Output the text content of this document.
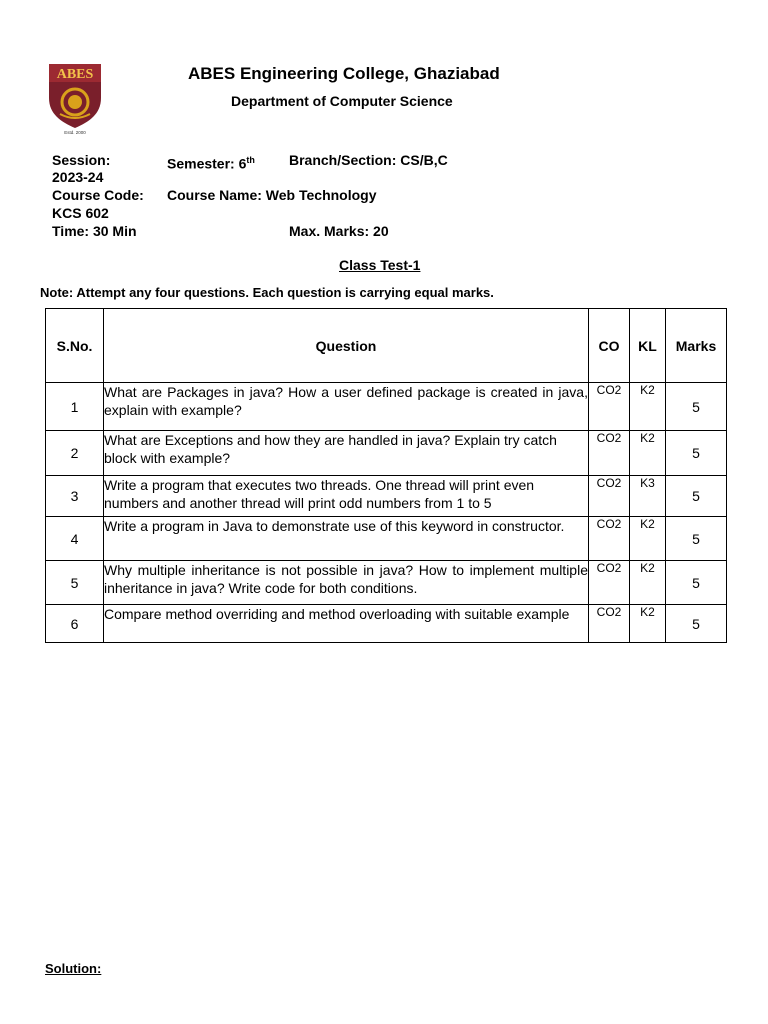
ABES
Estd. 2000
ABES Engineering College, Ghaziabad
Department of Computer Science
Session:
2023-24
Semester: 6th Branch/Section: CS/B,C
Course Code:
KCS 602
Course Name: Web Technology
Time: 30 Min	Max. Marks: 20
Class Test-1
Note: Attempt any four questions. Each question is carrying equal marks.
S.No.	Question	CO	KL	Marks
1	What are Packages in java? How a user defined package is created in java, explain with example?	CO2	K2	5
2	What are Exceptions and how they are handled in java? Explain try catch block with example?	CO2	K2	5
3	Write a program that executes two threads. One thread will print even numbers and another thread will print odd numbers from 1 to 5	CO2	K3	5
4	Write a program in Java to demonstrate use of this keyword in constructor.	CO2	K2	5
5	Why multiple inheritance is not possible in java? How to implement multiple inheritance in java? Write code for both conditions.	CO2	K2	5
6	Compare method overriding and method overloading with suitable example	CO2	K2	5
Solution:
